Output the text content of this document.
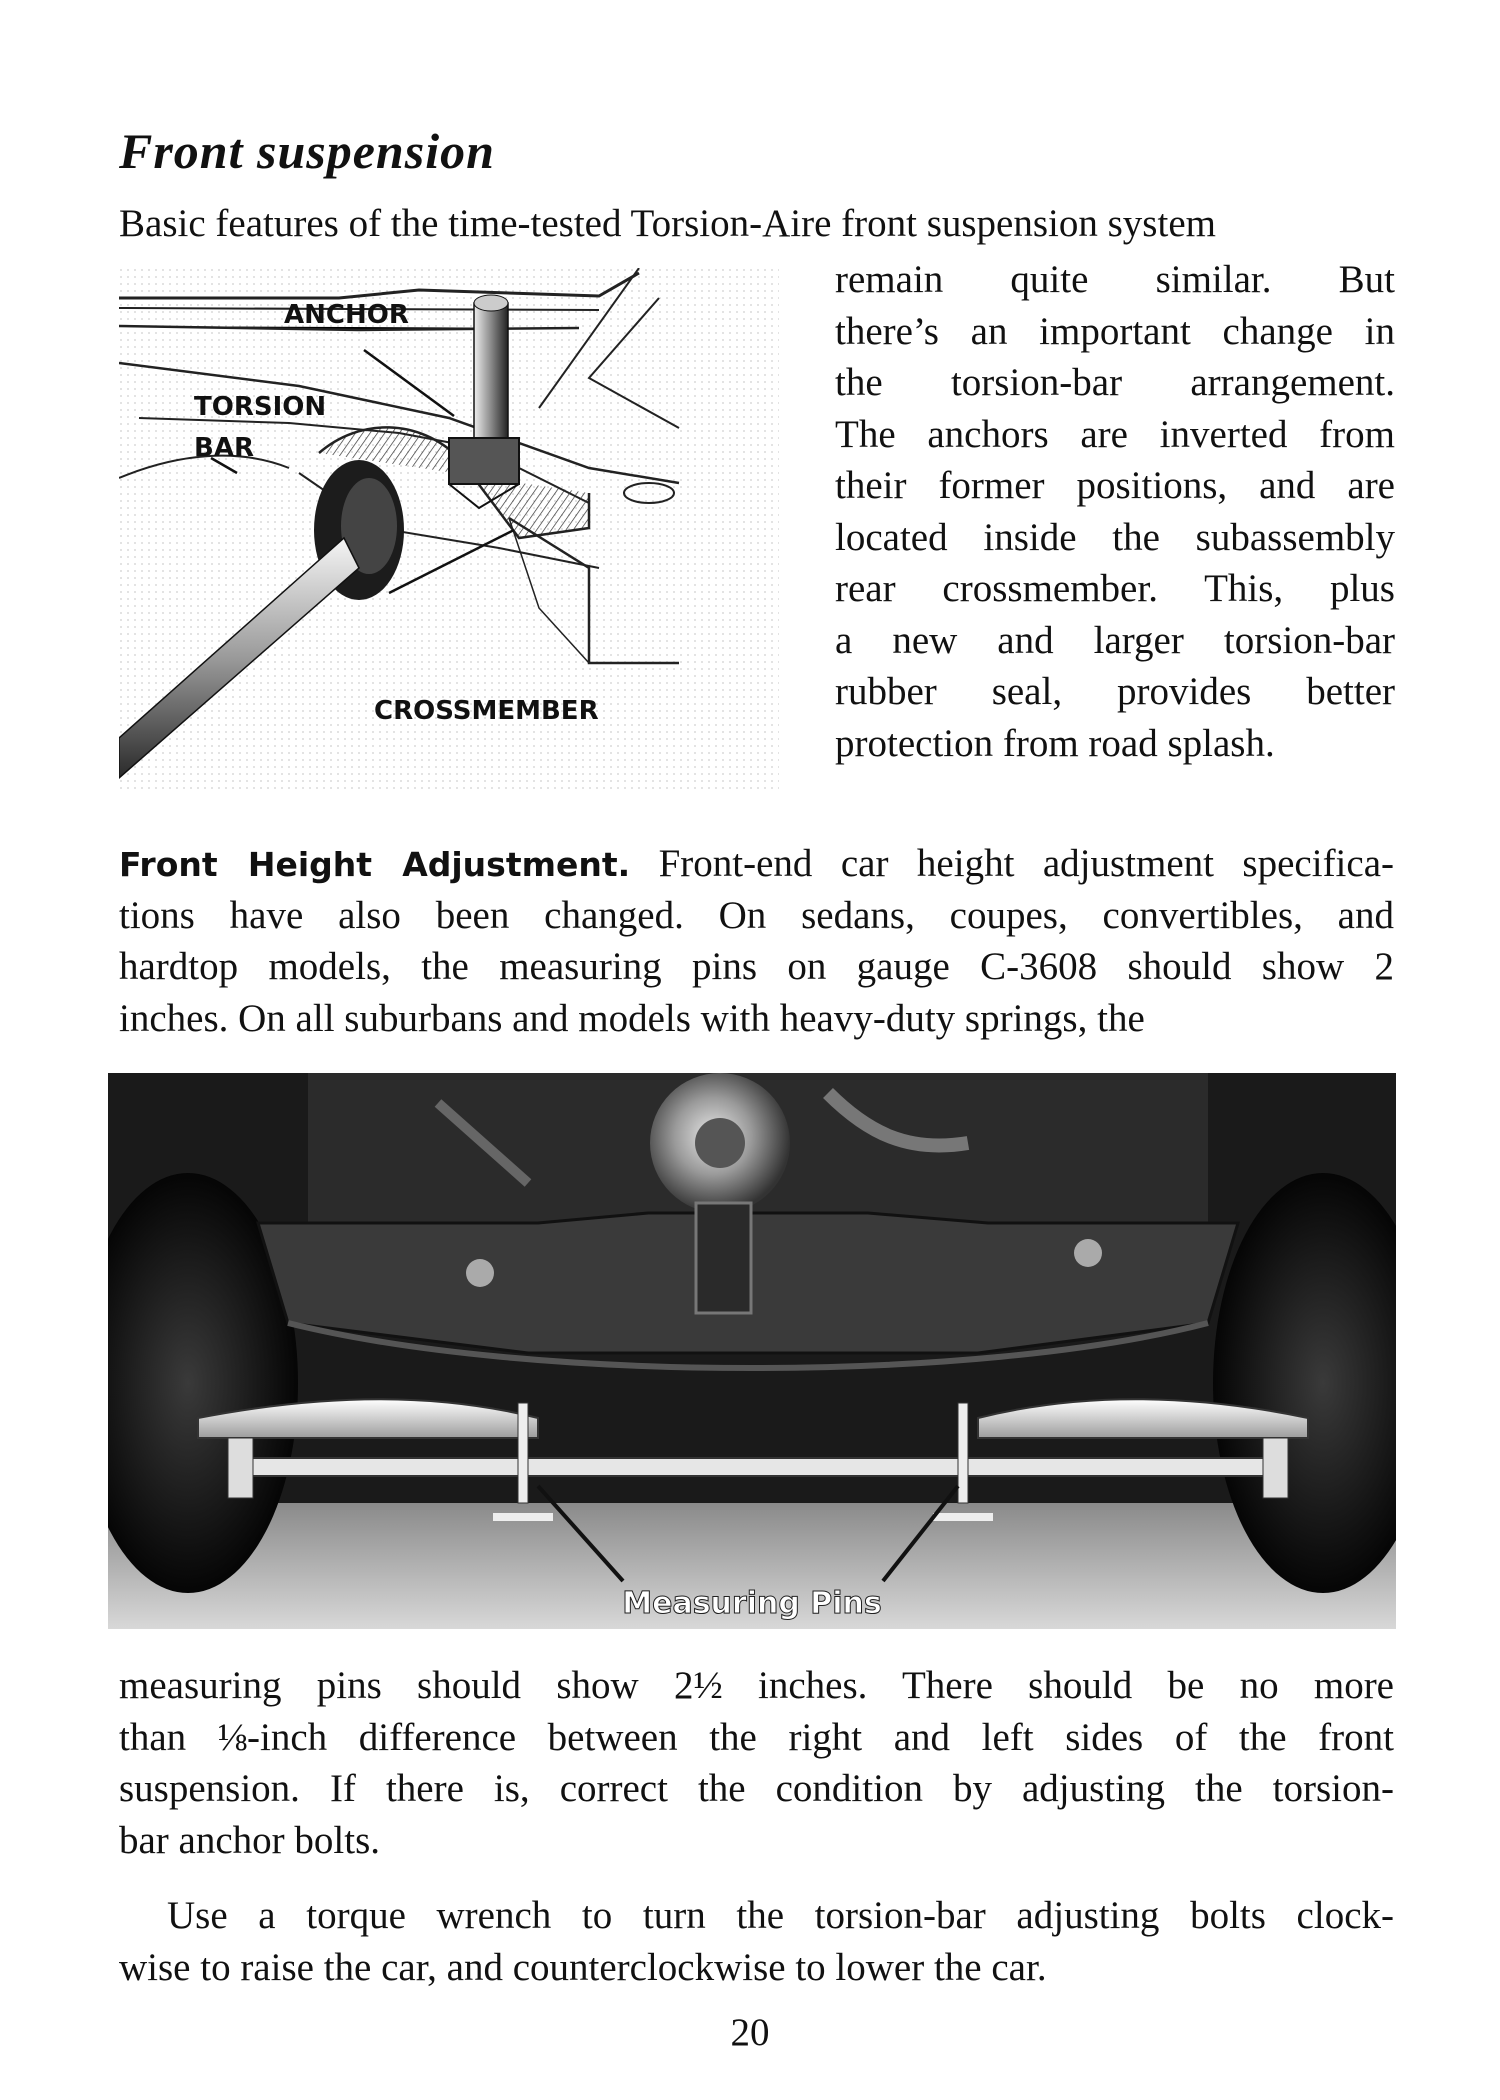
Front suspension

Basic features of the time-tested Torsion-Aire front suspension system

ANCHOR
TORSION
BAR
CROSSMEMBER

remain quite similar. But
there’s an important change in
the torsion-bar arrangement.
The anchors are inverted from
their former positions, and are
located inside the subassembly
rear crossmember. This, plus
a new and larger torsion-bar
rubber seal, provides better
protection from road splash.

Front Height Adjustment. Front-end car height adjustment specifica-
tions have also been changed. On sedans, coupes, convertibles, and
hardtop models, the measuring pins on gauge C-3608 should show 2
inches. On all suburbans and models with heavy-duty springs, the

Measuring Pins

measuring pins should show 2½ inches. There should be no more
than ⅛-inch difference between the right and left sides of the front
suspension. If there is, correct the condition by adjusting the torsion-
bar anchor bolts.

Use a torque wrench to turn the torsion-bar adjusting bolts clock-
wise to raise the car, and counterclockwise to lower the car.

20
